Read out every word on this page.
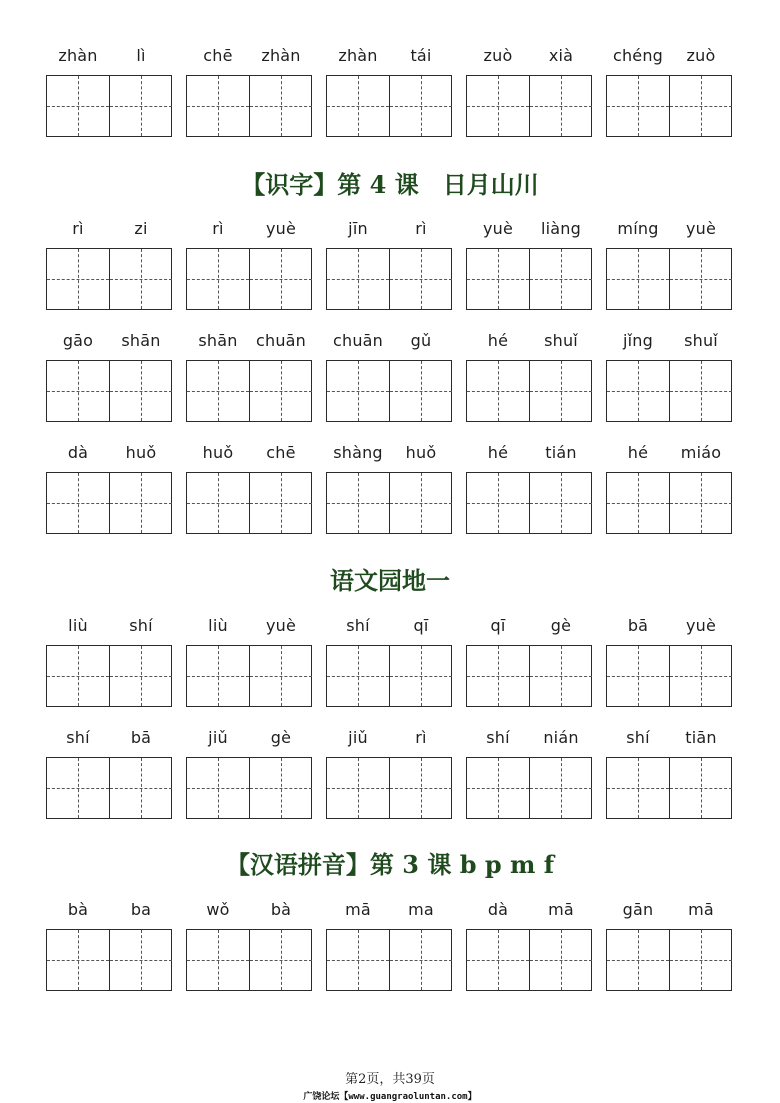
zhàn	lì	chē	zhàn	zhàn	tái	zuò	xià	chéng	zuò
rì	zi	rì	yuè	jīn	rì	yuè	liàng	míng	yuè
gāo	shān	shān	chuān	chuān	gǔ	hé	shuǐ	jǐng	shuǐ
dà	huǒ	huǒ	chē	shàng	huǒ	hé	tián	hé	miáo
liù	shí	liù	yuè	shí	qī	qī	gè	bā	yuè
shí	bā	jiǔ	gè	jiǔ	rì	shí	nián	shí	tiān
bà	ba	wǒ	bà	mā	ma	dà	mā	gān	mā
【识字】第 4 课　日月山川
语文园地一
【汉语拼音】第 3 课 b p m f
第2页，共39页
广饶论坛【www.guangraoluntan.com】
